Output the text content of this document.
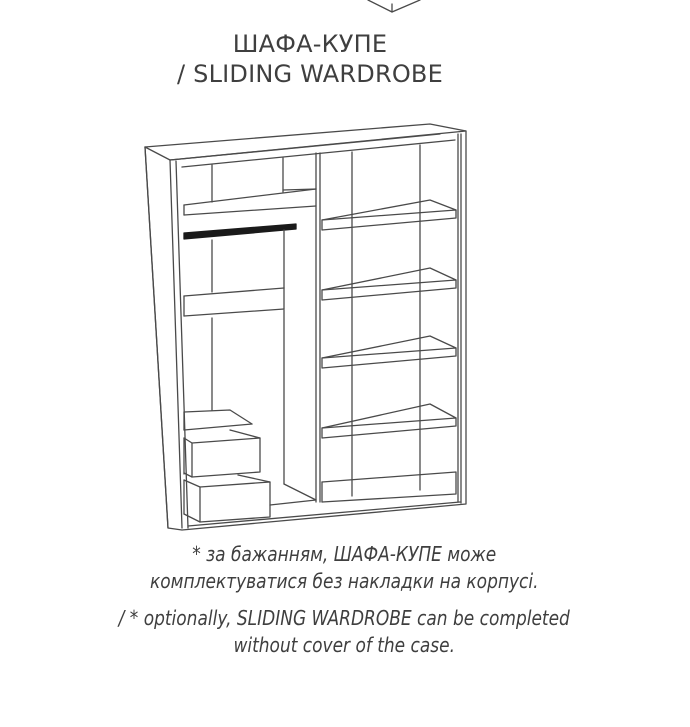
ШАФА-КУПЕ
/ SLIDING WARDROBE
* за бажанням, ШАФА-КУПЕ може
комплектуватися без накладки на корпусі.
/ * optionally, SLIDING WARDROBE can be completed
without cover of the case.
